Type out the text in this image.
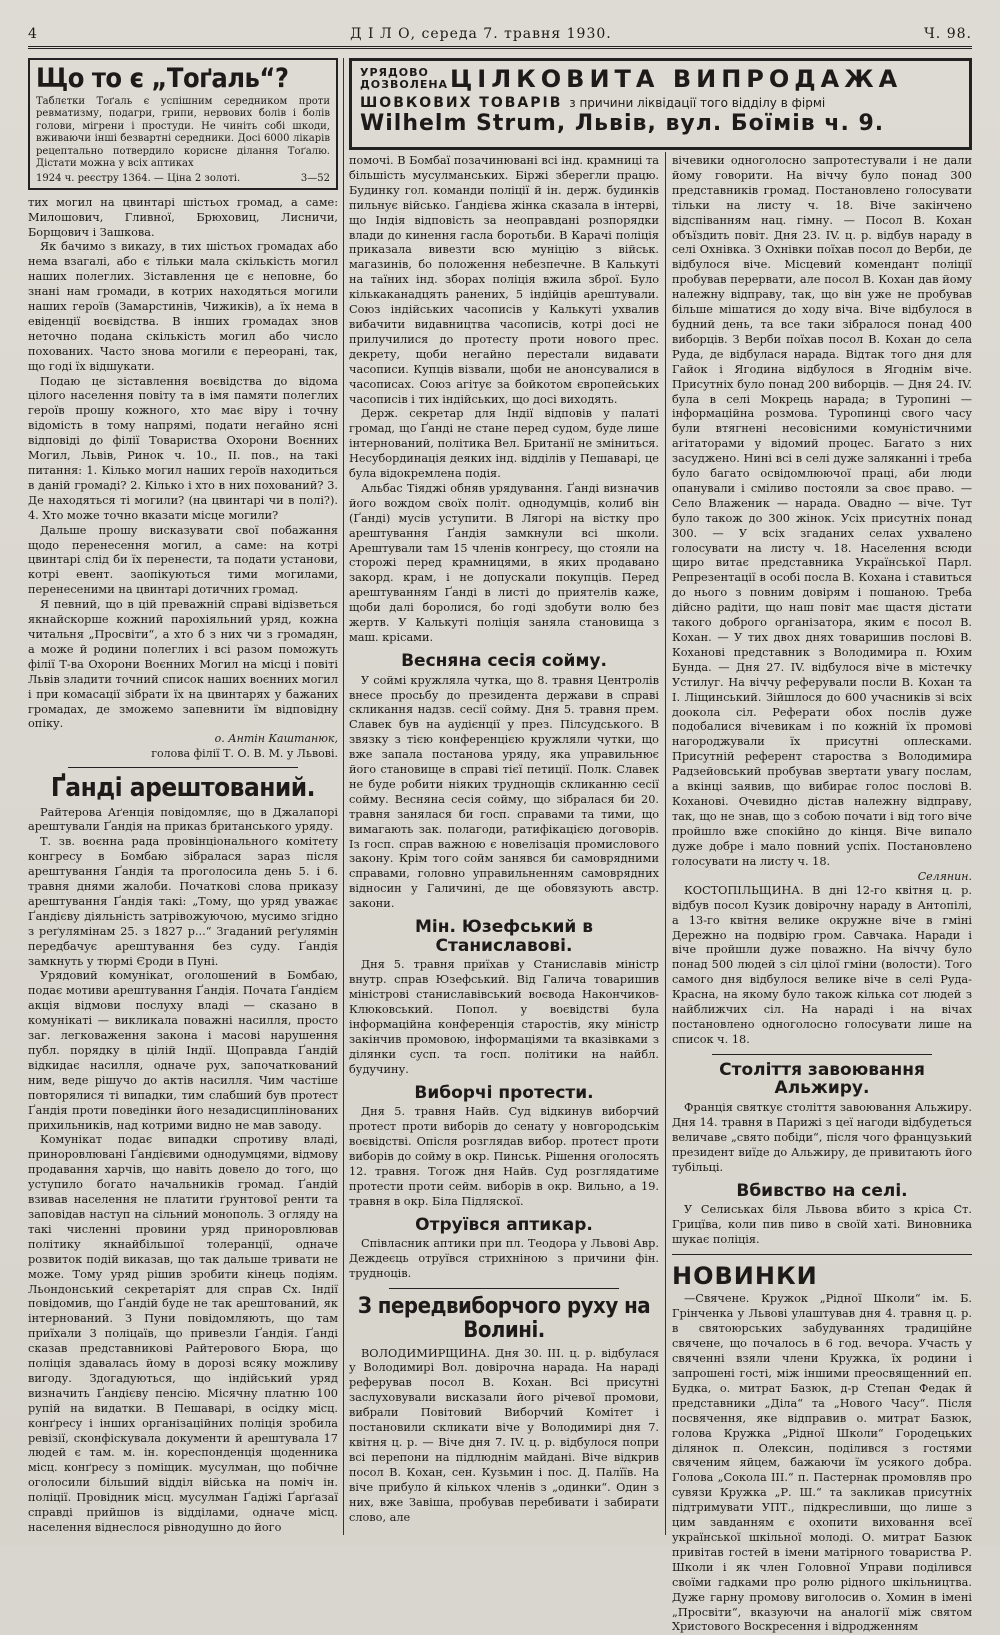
4	Д І Л О, середа 7. травня 1930.	Ч. 98.
Що то є „Тоґаль“?
Таблєтки Тоґаль є успішним середником проти ревматизму, подагри, грипи, нервових болів і болів голови, мігрени і простуди. Не чиніть собі шкоди, вживаючи інші безвартні середники. Досі 6000 лікарів рецептально потвердило корисне ділання Тоґалю. Дістати можна у всіх аптиках
1924 ч. реєстру 1364. — Ціна 2 золоті.	3—52

тих могил на цвинтарі шістьох громад, а саме: Милошович, Гливної, Брюховиц, Лисничи, Борщович і Зашкова.

Як бачимо з викazу, в тих шістьох громадах або нема взагалі, або є тільки мала скількість могил наших полеглих. Зіставлення це є неповне, бо знані нам громади, в котрих находяться могили наших героїв (Замарстинів, Чижиків), а їх нема в евіденції воєвідства. В інших громадах знов неточно подана скількість могил або число похованих. Часто знова могили є переорані, так, що годі їх відшукати.

Подаю це зіставлення воєвідства до відома цілого населення повіту та в імя памяти полеглих героїв прошу кожного, хто має віру і точну відомість в тому напрямі, подати негайно ясні відповіді до філії Товариства Охорони Воєнних Могил, Львів, Ринок ч. 10., II. пов., на такі питання: 1. Кілько могил наших героїв находиться в даній громаді? 2. Кілько і хто в них похований? 3. Де находяться ті могили? (на цвинтарі чи в полі?). 4. Хто може точно вказати місце могили?

Дальше прошу висказувати свої побажання щодо перенесення могил, а саме: на котрі цвинтарі слід би їх перенести, та подати установи, котрі евент. заопікуються тими могилами, перенесеними на цвинтарі дотичних громад.

Я певний, що в цій преважній справі відізветься якнайскорше кожний парохіяльний уряд, кожна читальня „Просвіти“, а хто б з них чи з громадян, а може й родини полеглих і всі разом поможуть філії Т-ва Охорони Воєнних Могил на місці і повіті Львів зладити точний список наших воєнних могил і при комасації зібрати їх на цвинтарях у бажаних громадах, де зможемо запевнити їм відповідну опіку.

о. Антін Каштанюк,
голова філії Т. О. В. М. у Львові.
Ґанді арештований.

Райтерова Аґенція повідомляє, що в Джалапорі арештували Ґандія на приказ британського уряду.

Т. зв. воєнна рада провінціонального комітету конгресу в Бомбаю зібралася зараз після арештування Ґандія та проголосила день 5. і 6. травня днями жалоби. Початкові слова приказу арештування Ґандія такі: „Тому, що уряд уважає Ґандієву діяльність затрівожуючою, мусимо згідно з реґулямінам 25. з 1827 р...“ Згаданий реґулямін передбачує арештування без суду. Ґандія замкнуть у тюрмі Єроди в Пуні.

Урядовий комунікат, оголошений в Бомбаю, подає мотиви арештування Ґандія. Почата Ґандієм акція відмови послуху владі — сказано в комунікаті — викликала поважні насилля, просто заг. легковаження закона і масові нарушення публ. порядку в цілій Індії. Щоправда Ґандій відкидає насилля, одначе рух, започаткований ним, веде рішучо до актів насилля. Чим частіше повторялися ті випадки, тим слабший був протест Ґандія проти поведінки його незадисциплінованих прихильників, над котрими видно не мав заводу.

Комунікат подає випадки спротиву владі, приноровлювані Ґандієвими однодумцями, відмову продавання харчів, що навіть довело до того, що уступило богато начальників громад. Ґандій взивав населення не платити ґрунтової ренти та заповідав наступ на сільний монополь. З огляду на такі численні провини уряд приноровлював політику якнайбільшої толеранції, одначе розвиток подій виказав, що так дальше тривати не може. Тому уряд рішив зробити кінець подіям. Льондонський секретаріят для справ Сх. Індії повідомив, що Ґандій буде не так арештований, як інтернований. З Пуни повідомляють, що там приїхали 3 поліцаїв, що привезли Ґандія. Ґанді сказав представникові Райтерового Бюра, що поліція здавалась йому в дорозі всяку можливу вигоду. Здогадуються, що індійський уряд визначить Ґандієву пенсію. Місячну платню 100 рупій на видатки. В Пешаварі, в осідку місц. конґресу і інших організаційних поліція зробила ревізії, сконфіскувала документи й арештувала 17 людей є там. м. ін. кореспонденція щоденника місц. конґресу з поміщик. мусулман, що побічне оголосили більший відділ війська на поміч ін. поліції. Провідник місц. мусулман Ґадіжі Ґарґазаї справді прийшов із відділами, одначе місц. населення віднеслося рівнодушно до його

УРЯДОВО ДОЗВОЛЕНА ЦІЛКОВИТА ВИПРОДАЖА
ШОВКОВИХ ТОВАРІВ з причини ліквідації того відділу в фірмі
Wilhelm Strum, Львів, вул. Боїмів ч. 9.

помочі. В Бомбаї позачинювані всі інд. крамниці та більшість мусулманських. Біржі зберегли працю. Будинку гол. команди поліції й ін. держ. будинків пильнує військо. Ґандієва жінка сказала в інтерві, що Індія відповість за неоправдані розпорядки влади до кинення гасла боротьби. В Карачі поліція приказала вивезти всю муніцію з військ. магазинів, бо положення небезпечне. В Калькуті на таїних інд. зборах поліція вжила зброї. Було кількаканадцять ранених, 5 індійців арештували. Союз індійських часописів у Калькуті ухвалив вибачити видавництва часописів, котрі досі не прилучилися до протесту проти нового прес. декрету, щоби негайно перестали видавати часописи. Купців візвали, щоби не анонсувалися в часописах. Союз агітує за бойкотом європейських часописів і тих індійських, що досі виходять.

Держ. секретар для Індії відповів у палаті громад, що Ґанді не стане перед судом, буде лише інтернований, політика Вел. Британії не зміниться. Несубординація деяких інд. відділів у Пешаварі, це була відокремлена подія.

Альбас Тіяджі обняв урядування. Ґанді визначив його вождом своїх політ. однодумців, колиб він (Ґанді) мусів уступити. В Лягорі на вістку про арештування Ґандія замкнули всі школи. Арештували там 15 членів конгресу, що стояли на сторожі перед крамницями, в яких продавано закорд. крам, і не допускали покупців. Перед арештуванням Ґанді в листі до приятелів каже, щоби далі боролися, бо годі здобути волю без жертв. У Калькуті поліція заняла становища з маш. крісами.

Весняна сесія сойму.

У соймі кружляла чутка, що 8. травня Центролів внесе просьбу до президента держави в справі скликання надзв. сесії сойму. Дня 5. травня прем. Славек був на аудієнції у през. Пілсудського. В звязку з тією конференцією кружляли чутки, що вже запала постанова уряду, яка управильнює його становище в справі тієї петиції. Полк. Славек не буде робити ніяких труднощів скликанню сесії сойму. Весняна сесія сойму, що зібралася би 20. травня занялася би госп. справами та тими, що вимагають зак. полагоди, ратифікацією договорів. Із госп. справ важною є новелізація промислового закону. Крім того сойм занявся би самоврядними справами, головно управильненням самоврядних відносин у Галичині, де ще обовязують австр. закони.

Мін. Юзефський в Станиславові.

Дня 5. травня приїхав у Станиславів міністр внутр. справ Юзефський. Від Галича товаришив міністрові станиславівський воєвода Накончиков-Клюковський. Попол. у воєвідстві була інформаційна конференція старостів, яку міністр закінчив промовою, інформаціями та вказівками з ділянки сусп. та госп. політики на найбл. будучину.

Виборчі протести.

Дня 5. травня Найв. Суд відкинув виборчий протест проти виборів до сенату у новгородськім воєвідстві. Опісля розглядав вибор. протест проти виборів до сойму в окр. Пинськ. Рішення оголосять 12. травня. Тогож дня Найв. Суд розглядатиме протести проти сейм. виборів в окр. Вильно, а 19. травня в окр. Біла Підляскої.

Отруївся аптикар.

Співласник аптики при пл. Теодора у Львові Авр. Деждеєць отруївся стрихніною з причини фін. трудноців.

З передвиборчого руху на Волині.

ВОЛОДИМИРЩИНА. Дня 30. III. ц. р. відбулася у Володимирі Вол. довірочна нарада. На нараді реферував посол В. Кохан. Всі присутні заслуховували висказали його річевої промови, вибрали Повітовий Виборчий Комітет і постановили скликати віче у Володимирі дня 7. квітня ц. р. — Віче дня 7. IV. ц. р. відбулося попри всі перепони на підлюднім майдані. Віче відкрив посол В. Кохан, сен. Кузьмин і пос. Д. Палїїв. На віче прибуло й кількох членів з „одинки“. Один з них, вже Завіша, пробував перебивати і забирати слово, але

вічевики одноголосно запротестували і не дали йому говорити. На віччу було понад 300 представників громад. Постановлено голосувати тільки на листу ч. 18. Віче закінчено відспіванням нац. гімну. — Посол В. Кохан объїздить повіт. Дня 23. IV. ц. р. відбув нараду в селі Охнівка. З Охнівки поїхав посол до Верби, де відбулося віче. Місцевий комендант поліції пробував перервати, але посол В. Кохан дав йому належну відправу, так, що він уже не пробував більше мішатися до ходу віча. Віче відбулося в будний день, та все таки зібралося понад 400 виборців. З Верби поїхав посол В. Кохан до села Руда, де відбулася нарада. Відтак того дня для Гайок і Ягодина відбулося в Ягоднім віче. Присутніх було понад 200 виборців. — Дня 24. IV. була в селі Мокрець нарада; в Туропині — інформаційна розмова. Туропинці свого часу були втягнені несовісними комуністичними агітаторами у відомий процес. Багато з них засуджено. Нині всі в селі дуже заляканні і треба було багато освідомлюючої праці, аби люди опанували і сміливо постояли за своє право. — Село Влаженик — нарада. Овадно — віче. Тут було також до 300 жінок. Усіх присутніх понад 300. — У всіх згаданих селах ухвалено голосувати на листу ч. 18. Населення всюди щиро витає представника Української Парл. Репрезентації в особі посла В. Кохана і ставиться до нього з повним довірям і пошаною. Треба дійсно радіти, що наш повіт має щастя дістати такого доброго організатора, яким є посол В. Кохан. — У тих двох днях товаришив послові В. Кохановi представник з Володимира п. Юхим Бунда. — Дня 27. IV. відбулося віче в містечку Устилуг. На віччу реферували посли В. Кохан та І. Ліщинський. Зійшлося до 600 учасників зі всіх доокола сіл. Реферати обох послів дуже подобалися вічевикам і по кожній їх промові нагороджували їх присутні оплесками. Присутній референт староства з Володимира Радзейовський пробував звертати увагу послам, а вкінці заявив, що вибирає голос послові В. Кохановi. Очевидно дістав належну відправу, так, що не знав, що з собою почати і від того віче пройшло вже спокійно до кінця. Віче випало дуже добре і мало повний успіх. Постановлено голосувати на листу ч. 18.

Селянин.

КОСТОПІЛЬЩИНА. В дні 12-го квітня ц. р. відбув посол Кузик довірочну нараду в Антопілі, а 13-го квітня велике окружне віче в гміні Дережно на подвірю гром. Савчака. Наради і віче пройшли дуже поважно. На віччу було понад 500 людей з сіл цілої гміни (волости). Того самого дня відбулося велике віче в селі Руда-Красна, на якому було також кілька сот людей з найближчих сіл. На нараді і на вічах постановлено одноголосно голосувати лише на список ч. 18.

Століття завоювання Альжиру.

Франція святкує століття завоювання Альжиру. Дня 14. травня в Парижі з цеї нагоди відбудеться величаве „свято побіди“, після чого французький президент виїде до Альжиру, де привитають його тубільці.

Вбивство на селі.

У Селиськах біля Львова вбито з кріса Ст. Грицїва, коли пив пиво в своїй хаті. Виновника шукає поліція.

НОВИНКИ

—Свячене. Кружок „Рідної Школи“ ім. Б. Грінченка у Львові улаштував дня 4. травня ц. р. в святоюрських забудуваннях традиційне свячене, що почалось в 6 год. вечора. Участь у свяченні взяли члени Кружка, їх родини і запрошені гості, між іншими преосвященний еп. Будка, о. митрат Базюк, д-р Степан Федак й представники „Діла“ та „Нового Часу“. Після посвячення, яке відправив о. митрат Базюк, голова Кружка „Рідної Школи“ Городецьких ділянок п. Олексин, поділився з гостями свяченим яйцем, бажаючи їм усякого добра. Голова „Сокола III.“ п. Пастернак промовляв про сувязи Кружка „Р. Ш.“ та закликав присутніх підтримувати УПТ., підкресливши, що лише з цим завданням є охопити виховання всеї української шкільної молоді. О. митрат Базюк привітав гостей в імени матірного товариства Р. Школи і як член Головної Управи поділився своїми гадками про ролю рідного шкільництва. Дуже гарну промову виголосив о. Хомин в імені „Просвіти“, вказуючи на аналогії між святом Христового Воскресення і відродженням
